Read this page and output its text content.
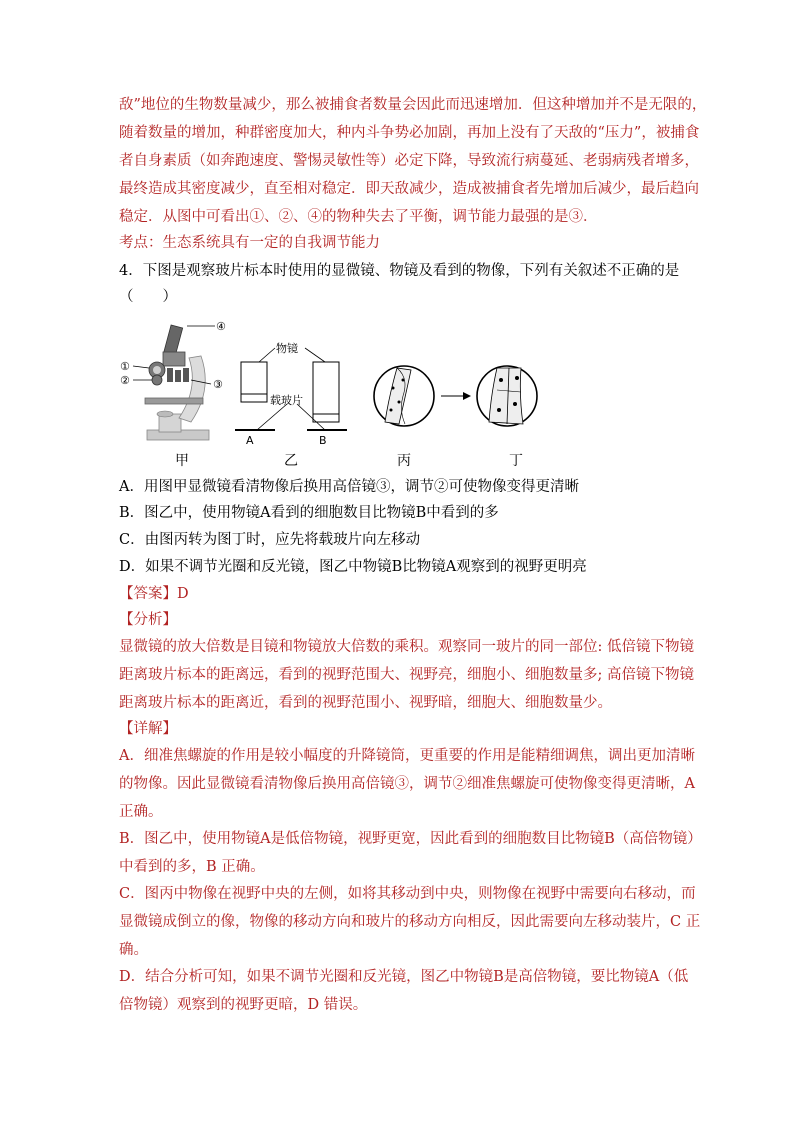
敌”地位的生物数量减少，那么被捕食者数量会因此而迅速增加．但这种增加并不是无限的，
随着数量的增加，种群密度加大，种内斗争势必加剧，再加上没有了天敌的“压力”，被捕食
者自身素质（如奔跑速度、警惕灵敏性等）必定下降，导致流行病蔓延、老弱病残者增多，
最终造成其密度减少，直至相对稳定．即天敌减少，造成被捕食者先增加后减少，最后趋向
稳定．从图中可看出①、②、④的物种失去了平衡，调节能力最强的是③．
考点：生态系统具有一定的自我调节能力
4．下图是观察玻片标本时使用的显微镜、物镜及看到的物像，下列有关叙述不正确的是
（　　）
④
①
②	③
物镜
载玻片
A	B
甲	乙	丙	丁
A．用图甲显微镜看清物像后换用高倍镜③，调节②可使物像变得更清晰
B．图乙中，使用物镜A看到的细胞数目比物镜B中看到的多
C．由图丙转为图丁时，应先将载玻片向左移动
D．如果不调节光圈和反光镜，图乙中物镜B比物镜A观察到的视野更明亮
【答案】D
【分析】
显微镜的放大倍数是目镜和物镜放大倍数的乘积。观察同一玻片的同一部位: 低倍镜下物镜
距离玻片标本的距离远，看到的视野范围大、视野亮，细胞小、细胞数量多; 高倍镜下物镜
距离玻片标本的距离近，看到的视野范围小、视野暗，细胞大、细胞数量少。
【详解】
A．细准焦螺旋的作用是较小幅度的升降镜筒，更重要的作用是能精细调焦，调出更加清晰
的物像。因此显微镜看清物像后换用高倍镜③，调节②细准焦螺旋可使物像变得更清晰，A
正确。
B．图乙中，使用物镜A是低倍物镜，视野更宽，因此看到的细胞数目比物镜B（高倍物镜）
中看到的多，B 正确。
C．图丙中物像在视野中央的左侧，如将其移动到中央，则物像在视野中需要向右移动，而
显微镜成倒立的像，物像的移动方向和玻片的移动方向相反，因此需要向左移动装片，C 正
确。
D．结合分析可知，如果不调节光圈和反光镜，图乙中物镜B是高倍物镜，要比物镜A（低
倍物镜）观察到的视野更暗，D 错误。
